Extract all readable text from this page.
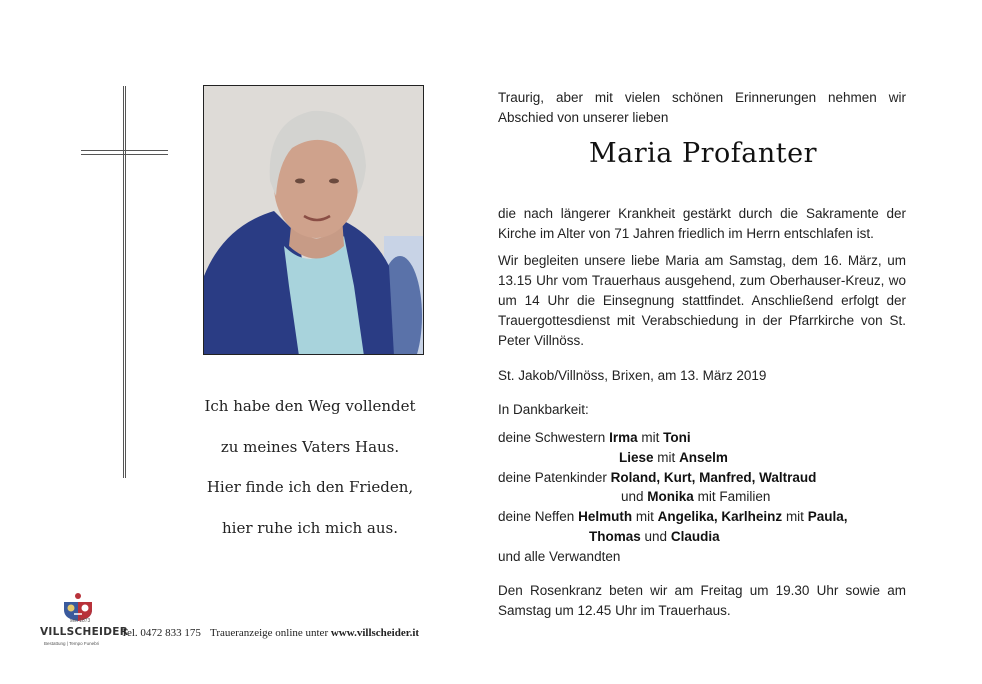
Ich habe den Weg vollendet
zu meines Vaters Haus.
Hier finde ich den Frieden,
hier ruhe ich mich aus.
Traurig, aber mit vielen schönen Erinnerungen nehmen wir Abschied von unserer lieben
Maria Profanter
die nach längerer Krankheit gestärkt durch die Sakramente der Kirche im Alter von 71 Jahren friedlich im Herrn entschlafen ist.
Wir begleiten unsere liebe Maria am Samstag, dem 16. März, um 13.15 Uhr vom Trauerhaus ausgehend, zum Oberhauser-Kreuz, wo um 14 Uhr die Einsegnung stattfindet. Anschließend erfolgt der Trauergottesdienst mit Verabschiedung in der Pfarrkirche von St. Peter Villnöss.
St. Jakob/Villnöss, Brixen, am 13. März 2019
In Dankbarkeit:
deine Schwestern Irma mit Toni
Liese mit Anselm
deine Patenkinder Roland, Kurt, Manfred, Waltraud
und Monika mit Familien
deine Neffen Helmuth mit Angelika, Karlheinz mit Paula,
Thomas und Claudia
und alle Verwandten
Den Rosenkranz beten wir am Freitag um 19.30 Uhr sowie am Samstag um 12.45 Uhr im Trauerhaus.
seit 1873
VILLSCHEIDER
Bestattung | Tempo Funebri
Tel. 0472 833 175 Traueranzeige online unter www.villscheider.it
